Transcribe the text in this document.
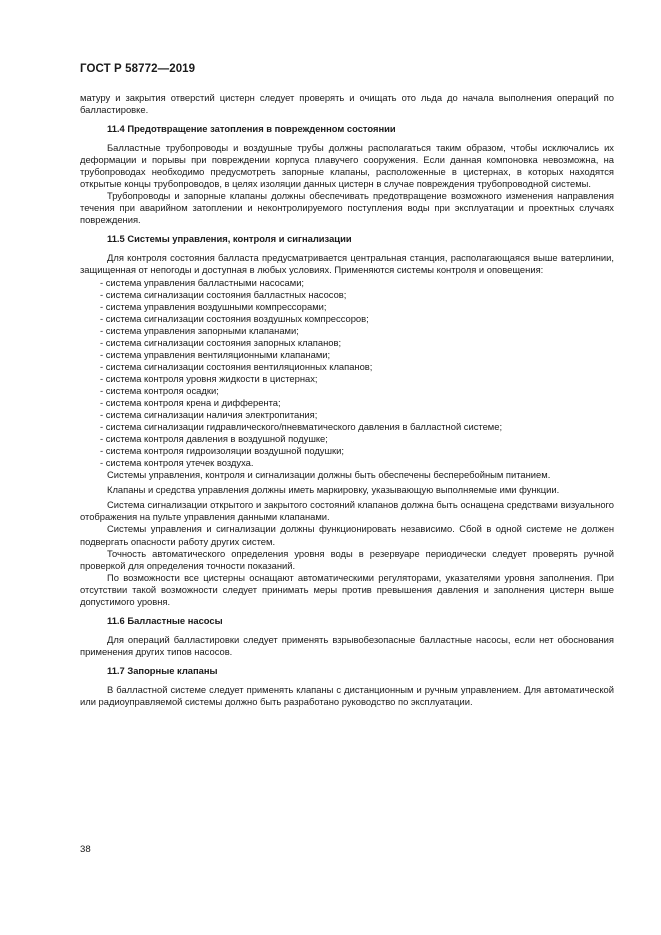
ГОСТ Р 58772—2019

матуру и закрытия отверстий цистерн следует проверять и очищать ото льда до начала выполнения операций по балластировке.

11.4 Предотвращение затопления в поврежденном состоянии

Балластные трубопроводы и воздушные трубы должны располагаться таким образом, чтобы исключались их деформации и порывы при повреждении корпуса плавучего сооружения. Если данная компоновка невозможна, на трубопроводах необходимо предусмотреть запорные клапаны, расположенные в цистернах, в которых находятся открытые концы трубопроводов, в целях изоляции данных цистерн в случае повреждения трубопроводной системы.

Трубопроводы и запорные клапаны должны обеспечивать предотвращение возможного изменения направления течения при аварийном затоплении и неконтролируемого поступления воды при эксплуатации и проектных случаях повреждения.

11.5 Системы управления, контроля и сигнализации

Для контроля состояния балласта предусматривается центральная станция, располагающаяся выше ватерлинии, защищенная от непогоды и доступная в любых условиях. Применяются системы контроля и оповещения:

- система управления балластными насосами;
- система сигнализации состояния балластных насосов;
- система управления воздушными компрессорами;
- система сигнализации состояния воздушных компрессоров;
- система управления запорными клапанами;
- система сигнализации состояния запорных клапанов;
- система управления вентиляционными клапанами;
- система сигнализации состояния вентиляционных клапанов;
- система контроля уровня жидкости в цистернах;
- система контроля осадки;
- система контроля крена и дифферента;
- система сигнализации наличия электропитания;
- система сигнализации гидравлического/пневматического давления в балластной системе;
- система контроля давления в воздушной подушке;
- система контроля гидроизоляции воздушной подушки;
- система контроля утечек воздуха.

Системы управления, контроля и сигнализации должны быть обеспечены бесперебойным питанием.

Клапаны и средства управления должны иметь маркировку, указывающую выполняемые ими функции.

Система сигнализации открытого и закрытого состояний клапанов должна быть оснащена средствами визуального отображения на пульте управления данными клапанами.

Системы управления и сигнализации должны функционировать независимо. Сбой в одной системе не должен подвергать опасности работу других систем.

Точность автоматического определения уровня воды в резервуаре периодически следует проверять ручной проверкой для определения точности показаний.

По возможности все цистерны оснащают автоматическими регуляторами, указателями уровня заполнения. При отсутствии такой возможности следует принимать меры против превышения давления и заполнения цистерн выше допустимого уровня.

11.6 Балластные насосы

Для операций балластировки следует применять взрывобезопасные балластные насосы, если нет обоснования применения других типов насосов.

11.7 Запорные клапаны

В балластной системе следует применять клапаны с дистанционным и ручным управлением. Для автоматической или радиоуправляемой системы должно быть разработано руководство по эксплуатации.

38
